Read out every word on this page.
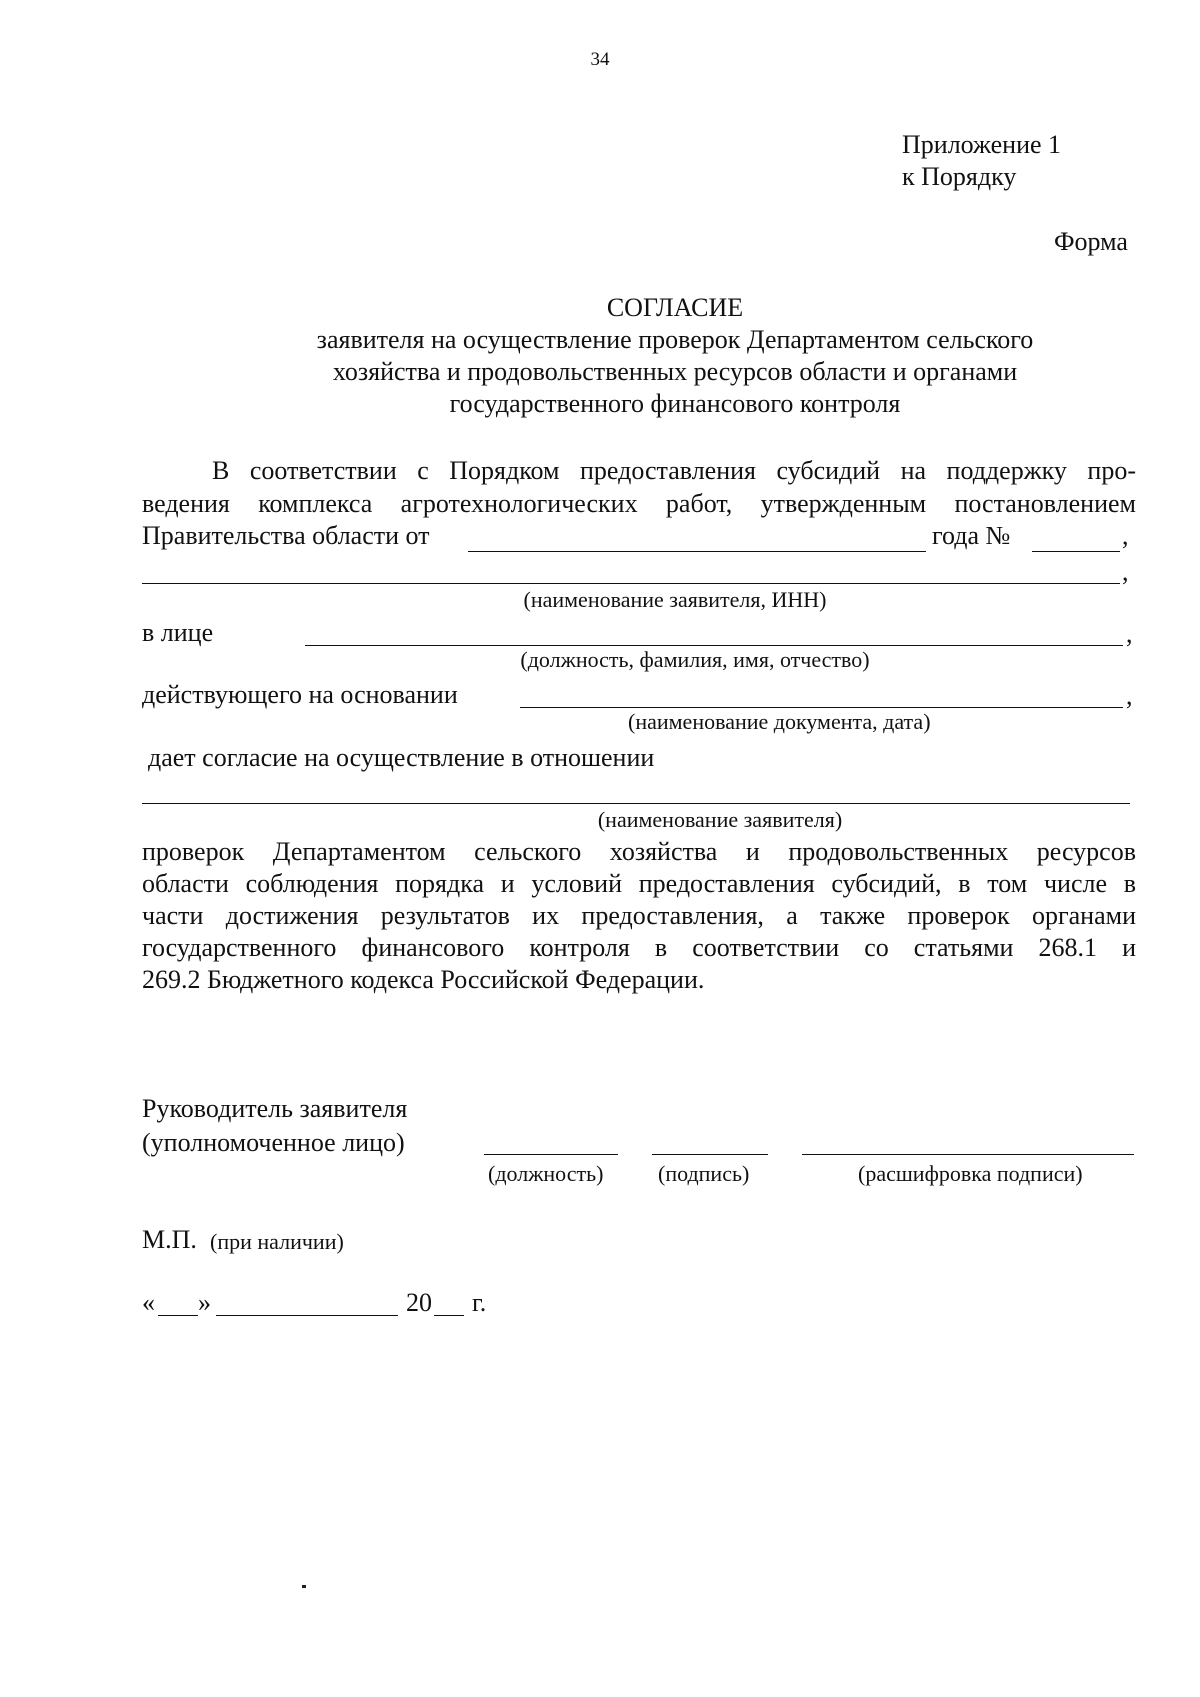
34
Приложение 1
к Порядку
Форма
СОГЛАСИЕ
заявителя на осуществление проверок Департаментом сельского
хозяйства и продовольственных ресурсов области и органами
государственного финансового контроля
В соответствии с Порядком предоставления субсидий на поддержку про-
ведения комплекса агротехнологических работ, утвержденным постановлением
Правительства области от	года №	,
,
(наименование заявителя, ИНН)
в лице	,
(должность, фамилия, имя, отчество)
действующего на основании	,
(наименование документа, дата)
дает согласие на осуществление в отношении
(наименование заявителя)
проверок Департаментом сельского хозяйства и продовольственных ресурсов
области соблюдения порядка и условий предоставления субсидий, в том числе в
части достижения результатов их предоставления, а также проверок органами
государственного финансового контроля в соответствии со статьями 268.1 и
269.2 Бюджетного кодекса Российской Федерации.
Руководитель заявителя
(уполномоченное лицо)
(должность) (подпись)	(расшифровка подписи)
М.П. (при наличии)
« »	20 г.
